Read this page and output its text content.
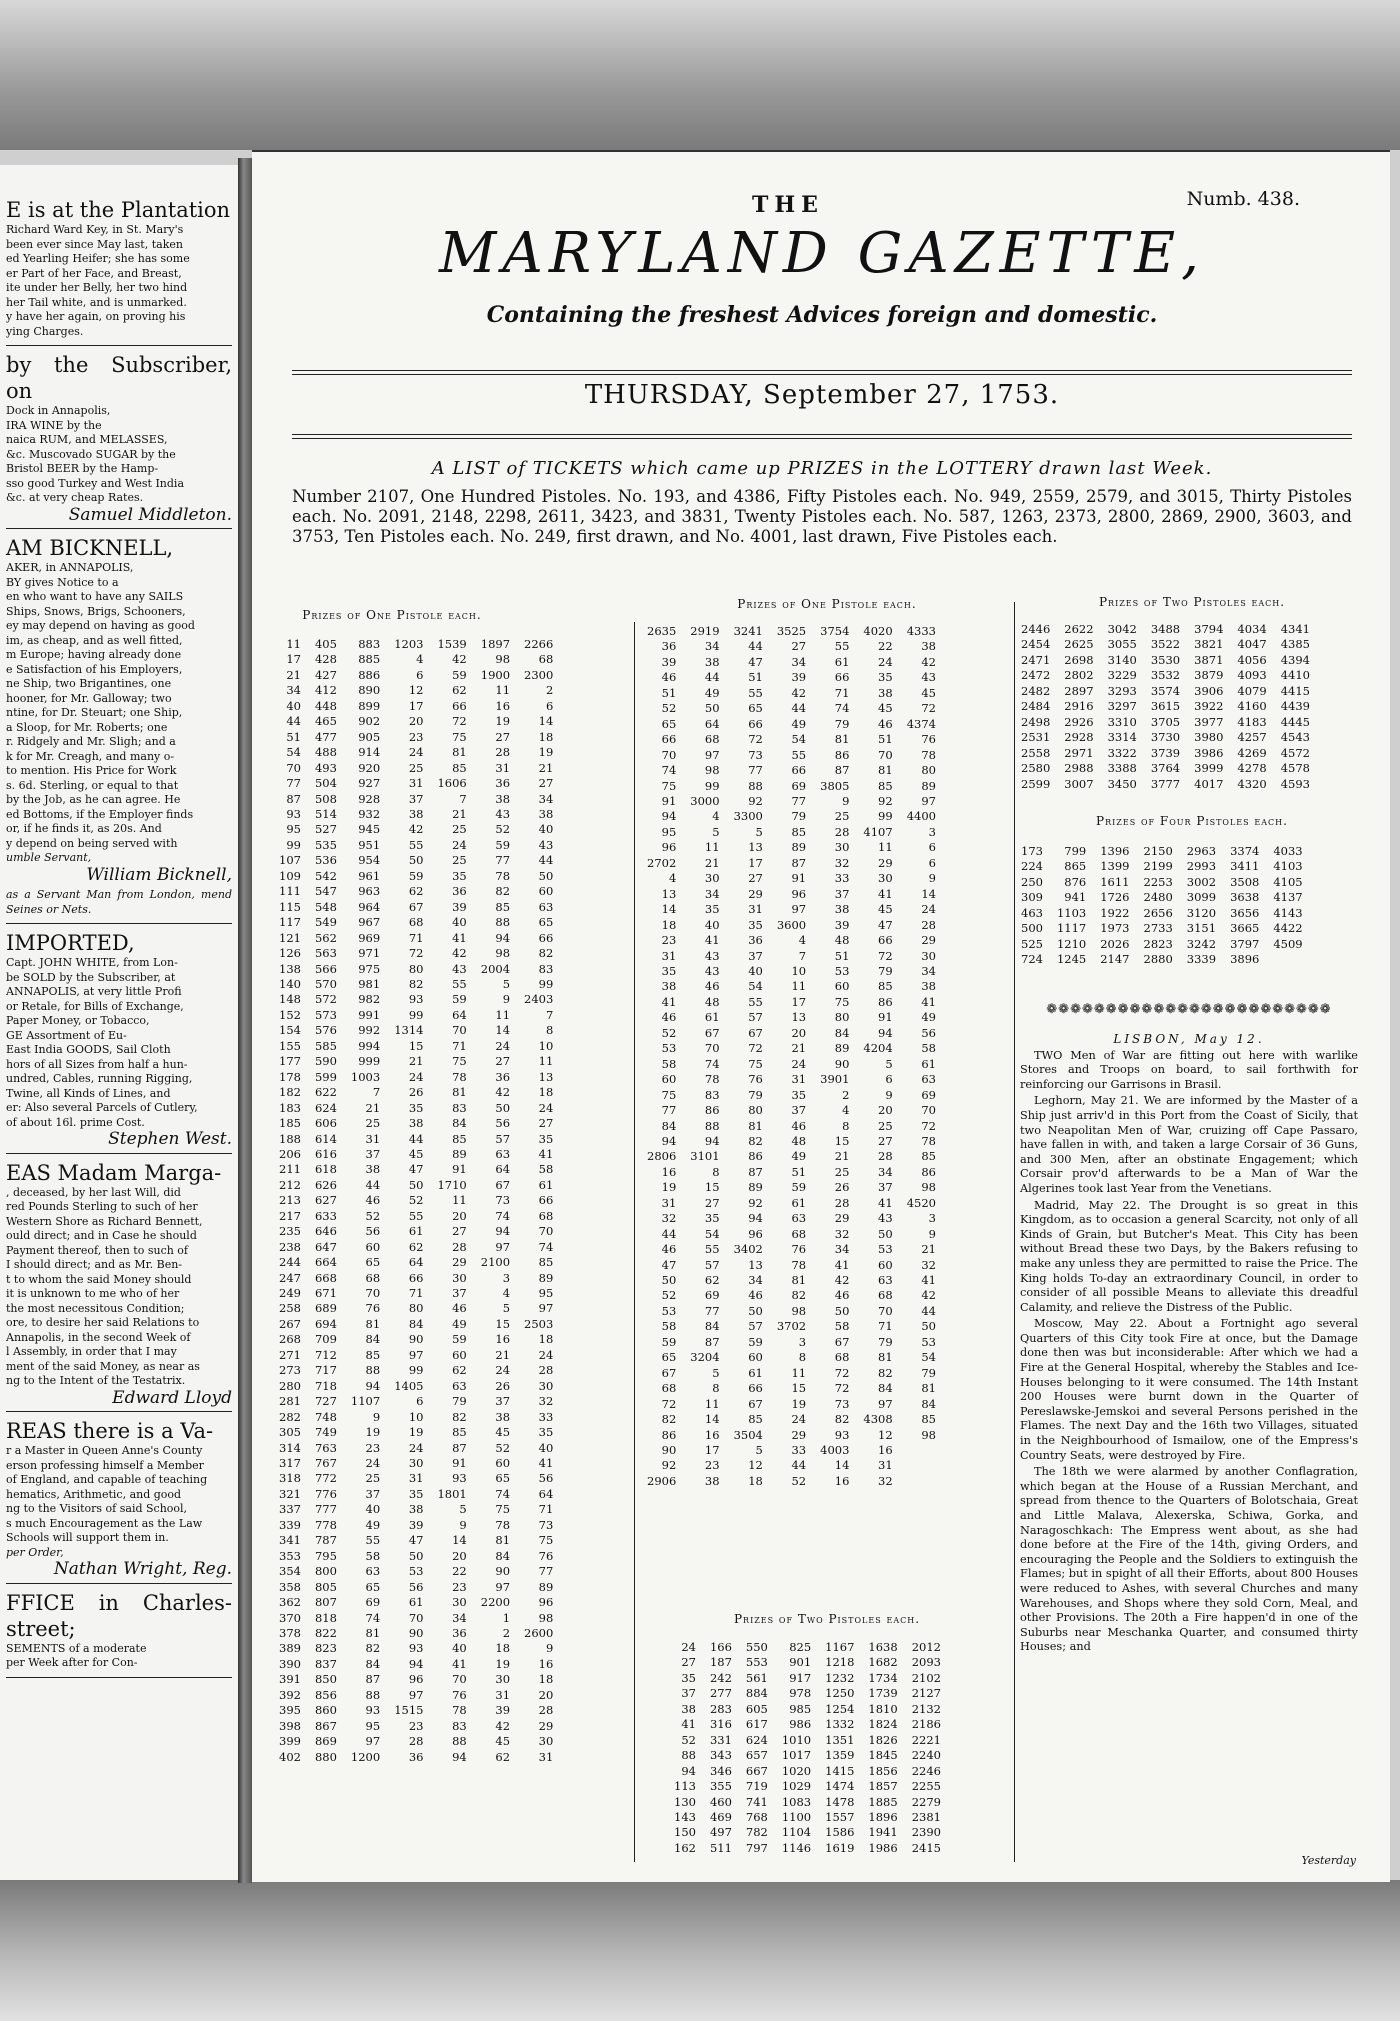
E is at the Plantation
Richard Ward Key, in St. Mary's
been ever since May last, taken
ed Yearling Heifer; she has some
er Part of her Face, and Breast,
ite under her Belly, her two hind
her Tail white, and is unmarked.
y have her again, on proving his
ying Charges.
by the Subscriber, on
Dock in Annapolis,
IRA WINE by the
naica RUM, and MELASSES,
&c. Muscovado SUGAR by the
Bristol BEER by the Hamp-
sso good Turkey and West India
&c. at very cheap Rates.
Samuel Middleton.
AM BICKNELL,
AKER, in ANNAPOLIS,
BY gives Notice to a
en who want to have any SAILS
Ships, Snows, Brigs, Schooners,
ey may depend on having as good
im, as cheap, and as well fitted,
m Europe; having already done
e Satisfaction of his Employers,
ne Ship, two Brigantines, one
hooner, for Mr. Galloway; two
ntine, for Dr. Steuart; one Ship,
a Sloop, for Mr. Roberts; one
r. Ridgely and Mr. Sligh; and a
k for Mr. Creagh, and many o-
to mention. His Price for Work
s. 6d. Sterling, or equal to that
by the Job, as he can agree. He
ed Bottoms, if the Employer finds
or, if he finds it, as 20s. And
y depend on being served with
umble Servant,
William Bicknell,
as a Servant Man from London, mend Seines or Nets.
IMPORTED,
Capt. JOHN WHITE, from Lon-
be SOLD by the Subscriber, at
ANNAPOLIS, at very little Profi
or Retale, for Bills of Exchange,
Paper Money, or Tobacco,
GE Assortment of Eu-
East India GOODS, Sail Cloth
hors of all Sizes from half a hun-
undred, Cables, running Rigging,
Twine, all Kinds of Lines, and
er: Also several Parcels of Cutlery,
of about 16l. prime Cost.
Stephen West.
EAS Madam Marga-
, deceased, by her last Will, did
red Pounds Sterling to such of her
Western Shore as Richard Bennett,
ould direct; and in Case he should
Payment thereof, then to such of
I should direct; and as Mr. Ben-
t to whom the said Money should
it is unknown to me who of her
the most necessitous Condition;
ore, to desire her said Relations to
Annapolis, in the second Week of
l Assembly, in order that I may
ment of the said Money, as near as
ng to the Intent of the Testatrix.
Edward Lloyd
REAS there is a Va-
r a Master in Queen Anne's County
erson professing himself a Member
of England, and capable of teaching
hematics, Arithmetic, and good
ng to the Visitors of said School,
s much Encouragement as the Law
Schools will support them in.
per Order,
Nathan Wright, Reg.
FFICE in Charles-street;
SEMENTS of a moderate
per Week after for Con-
THE	Numb. 438.
MARYLAND GAZETTE,
Containing the freshest Advices foreign and domestic.
THURSDAY, September 27, 1753.
A LIST of TICKETS which came up PRIZES in the LOTTERY drawn last Week.
Number 2107, One Hundred Pistoles. No. 193, and 4386, Fifty Pistoles each. No. 949, 2559, 2579, and 3015, Thirty Pistoles each. No. 2091, 2148, 2298, 2611, 3423, and 3831, Twenty Pistoles each. No. 587, 1263, 2373, 2800, 2869, 2900, 3603, and 3753, Ten Pistoles each. No. 249, first drawn, and No. 4001, last drawn, Five Pistoles each.
Prizes of One Pistole each.
11	405	883	1203	1539	1897	2266
17	428	885	4	42	98	68
21	427	886	6	59	1900	2300
34	412	890	12	62	11	2
40	448	899	17	66	16	6
44	465	902	20	72	19	14
51	477	905	23	75	27	18
54	488	914	24	81	28	19
70	493	920	25	85	31	21
77	504	927	31	1606	36	27
87	508	928	37	7	38	34
93	514	932	38	21	43	38
95	527	945	42	25	52	40
99	535	951	55	24	59	43
107	536	954	50	25	77	44
109	542	961	59	35	78	50
111	547	963	62	36	82	60
115	548	964	67	39	85	63
117	549	967	68	40	88	65
121	562	969	71	41	94	66
126	563	971	72	42	98	82
138	566	975	80	43	2004	83
140	570	981	82	55	5	99
148	572	982	93	59	9	2403
152	573	991	99	64	11	7
154	576	992	1314	70	14	8
155	585	994	15	71	24	10
177	590	999	21	75	27	11
178	599	1003	24	78	36	13
182	622	7	26	81	42	18
183	624	21	35	83	50	24
185	606	25	38	84	56	27
188	614	31	44	85	57	35
206	616	37	45	89	63	41
211	618	38	47	91	64	58
212	626	44	50	1710	67	61
213	627	46	52	11	73	66
217	633	52	55	20	74	68
235	646	56	61	27	94	70
238	647	60	62	28	97	74
244	664	65	64	29	2100	85
247	668	68	66	30	3	89
249	671	70	71	37	4	95
258	689	76	80	46	5	97
267	694	81	84	49	15	2503
268	709	84	90	59	16	18
271	712	85	97	60	21	24
273	717	88	99	62	24	28
280	718	94	1405	63	26	30
281	727	1107	6	79	37	32
282	748	9	10	82	38	33
305	749	19	19	85	45	35
314	763	23	24	87	52	40
317	767	24	30	91	60	41
318	772	25	31	93	65	56
321	776	37	35	1801	74	64
337	777	40	38	5	75	71
339	778	49	39	9	78	73
341	787	55	47	14	81	75
353	795	58	50	20	84	76
354	800	63	53	22	90	77
358	805	65	56	23	97	89
362	807	69	61	30	2200	96
370	818	74	70	34	1	98
378	822	81	90	36	2	2600
389	823	82	93	40	18	9
390	837	84	94	41	19	16
391	850	87	96	70	30	18
392	856	88	97	76	31	20
395	860	93	1515	78	39	28
398	867	95	23	83	42	29
399	869	97	28	88	45	30
402	880	1200	36	94	62	31
Prizes of One Pistole each.
2635	2919	3241	3525	3754	4020	4333
36	34	44	27	55	22	38
39	38	47	34	61	24	42
46	44	51	39	66	35	43
51	49	55	42	71	38	45
52	50	65	44	74	45	72
65	64	66	49	79	46	4374
66	68	72	54	81	51	76
70	97	73	55	86	70	78
74	98	77	66	87	81	80
75	99	88	69	3805	85	89
91	3000	92	77	9	92	97
94	4	3300	79	25	99	4400
95	5	5	85	28	4107	3
96	11	13	89	30	11	6
2702	21	17	87	32	29	6
4	30	27	91	33	30	9
13	34	29	96	37	41	14
14	35	31	97	38	45	24
18	40	35	3600	39	47	28
23	41	36	4	48	66	29
31	43	37	7	51	72	30
35	43	40	10	53	79	34
38	46	54	11	60	85	38
41	48	55	17	75	86	41
46	61	57	13	80	91	49
52	67	67	20	84	94	56
53	70	72	21	89	4204	58
58	74	75	24	90	5	61
60	78	76	31	3901	6	63
75	83	79	35	2	9	69
77	86	80	37	4	20	70
84	88	81	46	8	25	72
94	94	82	48	15	27	78
2806	3101	86	49	21	28	85
16	8	87	51	25	34	86
19	15	89	59	26	37	98
31	27	92	61	28	41	4520
32	35	94	63	29	43	3
44	54	96	68	32	50	9
46	55	3402	76	34	53	21
47	57	13	78	41	60	32
50	62	34	81	42	63	41
52	69	46	82	46	68	42
53	77	50	98	50	70	44
58	84	57	3702	58	71	50
59	87	59	3	67	79	53
65	3204	60	8	68	81	54
67	5	61	11	72	82	79
68	8	66	15	72	84	81
72	11	67	19	73	97	84
82	14	85	24	82	4308	85
86	16	3504	29	93	12	98
90	17	5	33	4003	16	
92	23	12	44	14	31	
2906	38	18	52	16	32	
Prizes of Two Pistoles each.
24	166	550	825	1167	1638	2012
27	187	553	901	1218	1682	2093
35	242	561	917	1232	1734	2102
37	277	884	978	1250	1739	2127
38	283	605	985	1254	1810	2132
41	316	617	986	1332	1824	2186
52	331	624	1010	1351	1826	2221
88	343	657	1017	1359	1845	2240
94	346	667	1020	1415	1856	2246
113	355	719	1029	1474	1857	2255
130	460	741	1083	1478	1885	2279
143	469	768	1100	1557	1896	2381
150	497	782	1104	1586	1941	2390
162	511	797	1146	1619	1986	2415
Prizes of Two Pistoles each.
2446	2622	3042	3488	3794	4034	4341
2454	2625	3055	3522	3821	4047	4385
2471	2698	3140	3530	3871	4056	4394
2472	2802	3229	3532	3879	4093	4410
2482	2897	3293	3574	3906	4079	4415
2484	2916	3297	3615	3922	4160	4439
2498	2926	3310	3705	3977	4183	4445
2531	2928	3314	3730	3980	4257	4543
2558	2971	3322	3739	3986	4269	4572
2580	2988	3388	3764	3999	4278	4578
2599	3007	3450	3777	4017	4320	4593
Prizes of Four Pistoles each.
173	799	1396	2150	2963	3374	4033
224	865	1399	2199	2993	3411	4103
250	876	1611	2253	3002	3508	4105
309	941	1726	2480	3099	3638	4137
463	1103	1922	2656	3120	3656	4143
500	1117	1973	2733	3151	3665	4422
525	1210	2026	2823	3242	3797	4509
724	1245	2147	2880	3339	3896	
❁❁❁❁❁❁❁❁❁❁❁❁❁❁❁❁❁❁❁❁❁❁❁❁
LISBON, May 12.

TWO Men of War are fitting out here with warlike Stores and Troops on board, to sail forthwith for reinforcing our Garrisons in Brasil.

Leghorn, May 21. We are informed by the Master of a Ship just arriv'd in this Port from the Coast of Sicily, that two Neapolitan Men of War, cruizing off Cape Passaro, have fallen in with, and taken a large Corsair of 36 Guns, and 300 Men, after an obstinate Engagement; which Corsair prov'd afterwards to be a Man of War the Algerines took last Year from the Venetians.

Madrid, May 22. The Drought is so great in this Kingdom, as to occasion a general Scarcity, not only of all Kinds of Grain, but Butcher's Meat. This City has been without Bread these two Days, by the Bakers refusing to make any unless they are permitted to raise the Price. The King holds To-day an extraordinary Council, in order to consider of all possible Means to alleviate this dreadful Calamity, and relieve the Distress of the Public.

Moscow, May 22. About a Fortnight ago several Quarters of this City took Fire at once, but the Damage done then was but inconsiderable: After which we had a Fire at the General Hospital, whereby the Stables and Ice-Houses belonging to it were consumed. The 14th Instant 200 Houses were burnt down in the Quarter of Pereslawske-Jemskoi and several Persons perished in the Flames. The next Day and the 16th two Villages, situated in the Neighbourhood of Ismailow, one of the Empress's Country Seats, were destroyed by Fire.

The 18th we were alarmed by another Conflagration, which began at the House of a Russian Merchant, and spread from thence to the Quarters of Bolotschaia, Great and Little Malava, Alexerska, Schiwa, Gorka, and Naragoschkach: The Empress went about, as she had done before at the Fire of the 14th, giving Orders, and encouraging the People and the Soldiers to extinguish the Flames; but in spight of all their Efforts, about 800 Houses were reduced to Ashes, with several Churches and many Warehouses, and Shops where they sold Corn, Meal, and other Provisions. The 20th a Fire happen'd in one of the Suburbs near Meschanka Quarter, and consumed thirty Houses; and

Yesterday
